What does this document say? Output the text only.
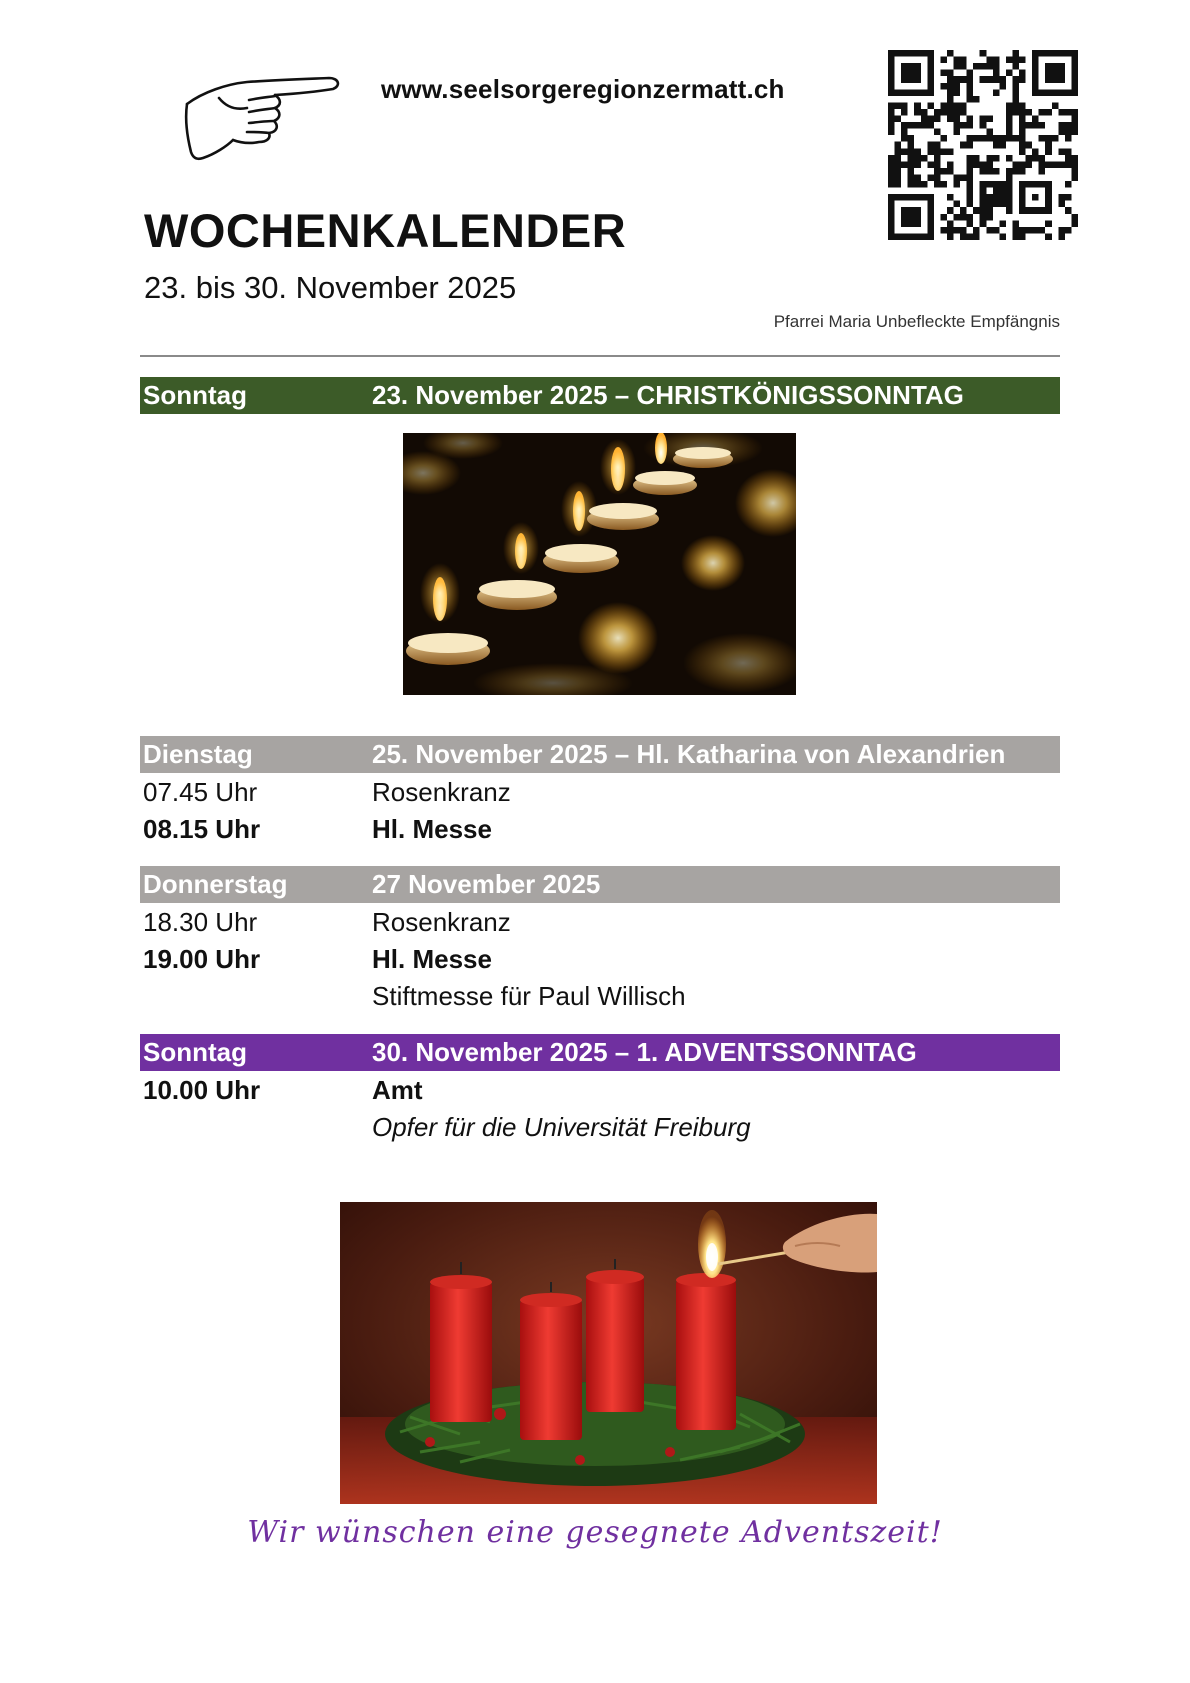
www.seelsorgeregionzermatt.ch
WOCHENKALENDER
23. bis 30. November 2025
Pfarrei Maria Unbefleckte Empfängnis
Sonntag	23. November 2025 – CHRISTKÖNIGSSONNTAG
Dienstag	25. November 2025 – Hl. Katharina von Alexandrien
07.45 Uhr	Rosenkranz
08.15 Uhr	Hl. Messe
Donnerstag	27 November 2025
18.30 Uhr	Rosenkranz
19.00 Uhr	Hl. Messe
Stiftmesse für Paul Willisch
Sonntag	30. November 2025 – 1. ADVENTSSONNTAG
10.00 Uhr	Amt
Opfer für die Universität Freiburg
Wir wünschen eine gesegnete Adventszeit!
